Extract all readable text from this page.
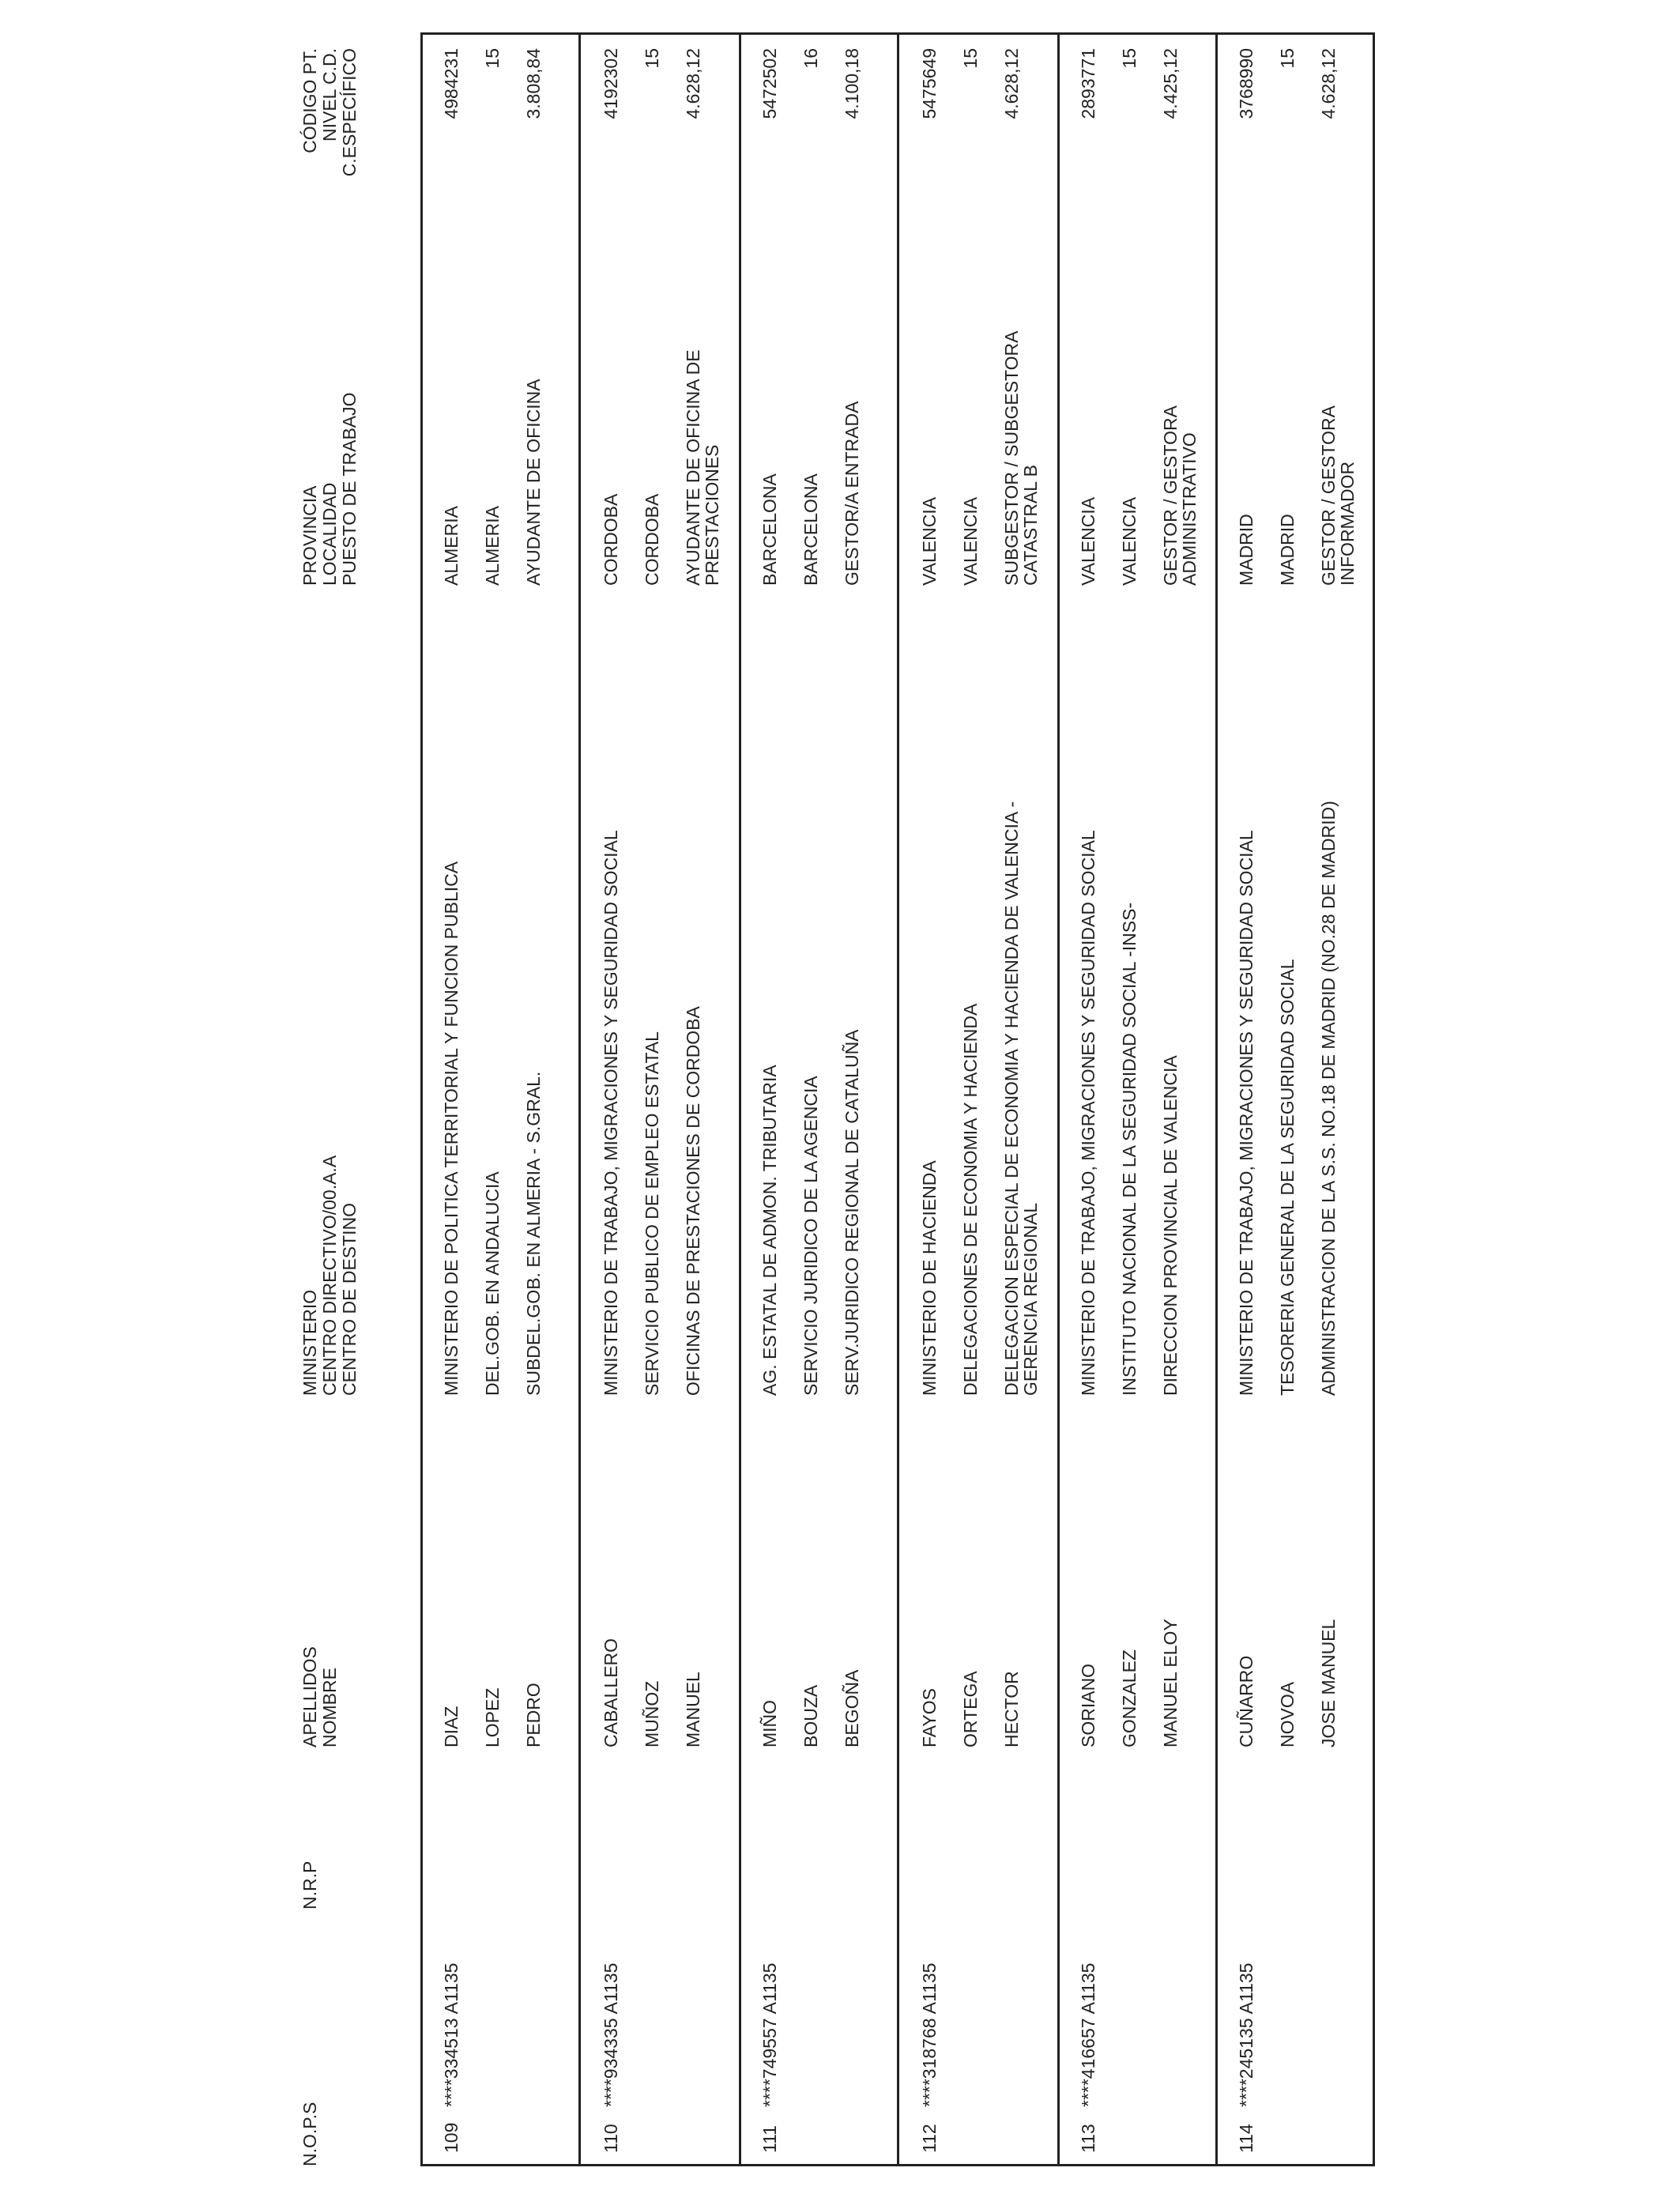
N.O.P.S
N.R.P
APELLIDOS NOMBRE
MINISTERIO CENTRO DIRECTIVO/00.A.A CENTRO DE DESTINO
PROVINCIA LOCALIDAD PUESTO DE TRABAJO
CÓDIGO PT. NIVEL C.D. C.ESPECÍFICO
109
****334513 A1135
DIAZ LOPEZ PEDRO
MINISTERIO DE POLITICA TERRITORIAL Y FUNCION PUBLICA DEL.GOB. EN ANDALUCIA SUBDEL.GOB. EN ALMERIA - S.GRAL.
ALMERIA ALMERIA AYUDANTE DE OFICINA
4984231 15 3.808,84
110
****934335 A1135
CABALLERO MUÑOZ MANUEL
MINISTERIO DE TRABAJO, MIGRACIONES Y SEGURIDAD SOCIAL SERVICIO PUBLICO DE EMPLEO ESTATAL OFICINAS DE PRESTACIONES DE CORDOBA
CORDOBA CORDOBA AYUDANTE DE OFICINA DE
PRESTACIONES
4192302 15 4.628,12
111
****749557 A1135
MIÑO BOUZA BEGOÑA
AG. ESTATAL DE ADMON. TRIBUTARIA SERVICIO JURIDICO DE LA AGENCIA SERV.JURIDICO REGIONAL DE CATALUÑA
BARCELONA BARCELONA GESTOR/A ENTRADA
5472502 16 4.100,18
112
****318768 A1135
FAYOS ORTEGA HECTOR
MINISTERIO DE HACIENDA DELEGACIONES DE ECONOMIA Y HACIENDA DELEGACION ESPECIAL DE ECONOMIA Y HACIENDA DE VALENCIA -
GERENCIA REGIONAL
VALENCIA VALENCIA SUBGESTOR / SUBGESTORA
CATASTRAL B
5475649 15 4.628,12
113
****416657 A1135
SORIANO GONZALEZ MANUEL ELOY
MINISTERIO DE TRABAJO, MIGRACIONES Y SEGURIDAD SOCIAL INSTITUTO NACIONAL DE LA SEGURIDAD SOCIAL -INSS- DIRECCION PROVINCIAL DE VALENCIA
VALENCIA VALENCIA GESTOR / GESTORA
ADMINISTRATIVO
2893771 15 4.425,12
114
****245135 A1135
CUÑARRO NOVOA JOSE MANUEL
MINISTERIO DE TRABAJO, MIGRACIONES Y SEGURIDAD SOCIAL TESORERIA GENERAL DE LA SEGURIDAD SOCIAL ADMINISTRACION DE LA S.S. NO.18 DE MADRID (NO.28 DE MADRID)
MADRID MADRID GESTOR / GESTORA
INFORMADOR
3768990 15 4.628,12
